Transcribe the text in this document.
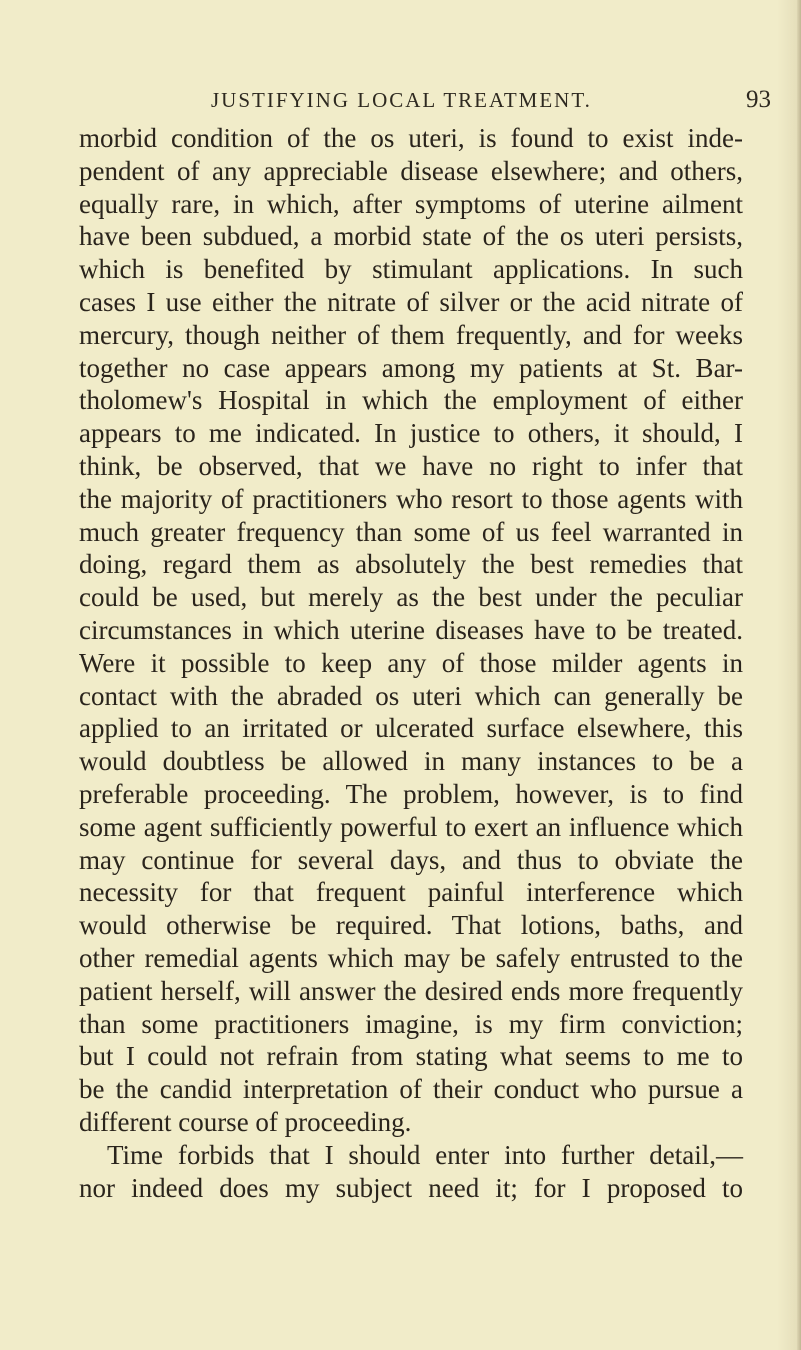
JUSTIFYING LOCAL TREATMENT.	93
morbid condition of the os uteri, is found to exist inde-
pendent of any appreciable disease elsewhere; and others,
equally rare, in which, after symptoms of uterine ailment
have been subdued, a morbid state of the os uteri persists,
which is benefited by stimulant applications. In such
cases I use either the nitrate of silver or the acid nitrate of
mercury, though neither of them frequently, and for weeks
together no case appears among my patients at St. Bar-
tholomew's Hospital in which the employment of either
appears to me indicated. In justice to others, it should, I
think, be observed, that we have no right to infer that
the majority of practitioners who resort to those agents with
much greater frequency than some of us feel warranted in
doing, regard them as absolutely the best remedies that
could be used, but merely as the best under the peculiar
circumstances in which uterine diseases have to be treated.
Were it possible to keep any of those milder agents in
contact with the abraded os uteri which can generally be
applied to an irritated or ulcerated surface elsewhere, this
would doubtless be allowed in many instances to be a
preferable proceeding. The problem, however, is to find
some agent sufficiently powerful to exert an influence which
may continue for several days, and thus to obviate the
necessity for that frequent painful interference which
would otherwise be required. That lotions, baths, and
other remedial agents which may be safely entrusted to the
patient herself, will answer the desired ends more frequently
than some practitioners imagine, is my firm conviction;
but I could not refrain from stating what seems to me to
be the candid interpretation of their conduct who pursue a
different course of proceeding.
Time forbids that I should enter into further detail,—
nor indeed does my subject need it; for I proposed to
